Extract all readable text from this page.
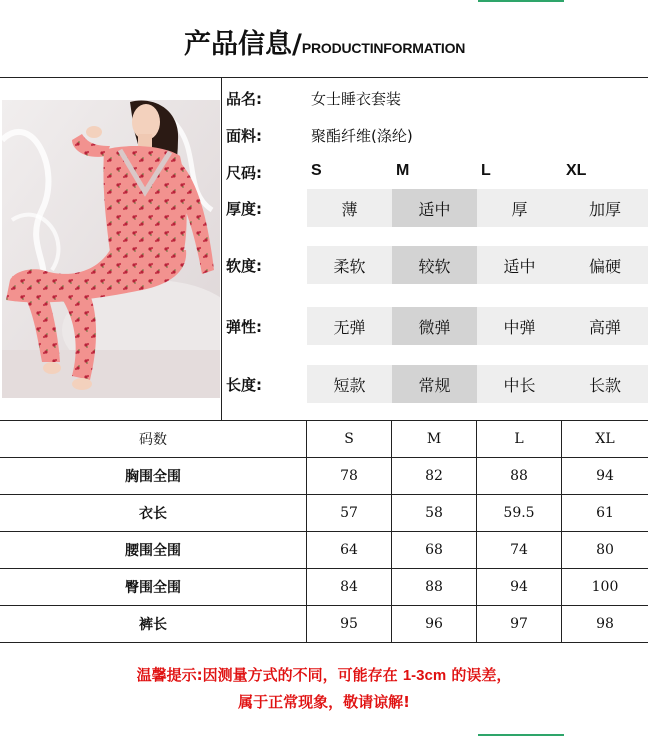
产品信息/ PRODUCTINFORMATION
品名:	女士睡衣套装
面料:	聚酯纤维(涤纶)
尺码:	S	M	L	XL
厚度:	薄	适中	厚	加厚
软度:	柔软	较软	适中	偏硬
弹性:	无弹	微弹	中弹	高弹
长度:	短款	常规	中长	长款
码数	S	M	L	XL
胸围全围	78	82	88	94
衣长	57	58	59.5	61
腰围全围	64	68	74	80
臀围全围	84	88	94	100
裤长	95	96	97	98
温馨提示:因测量方式的不同，可能存在 1-3cm 的误差，
属于正常现象，敬请谅解!
